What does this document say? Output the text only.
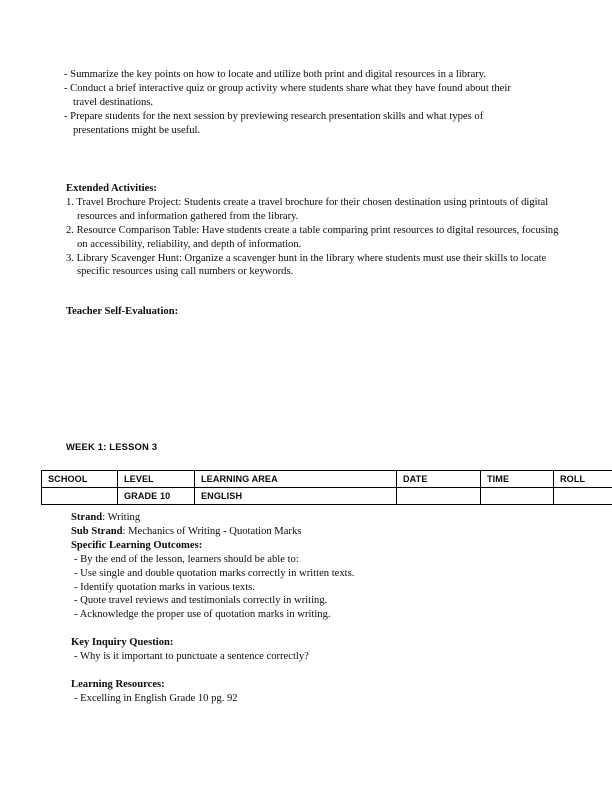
- Summarize the key points on how to locate and utilize both print and digital resources in a library.
- Conduct a brief interactive quiz or group activity where students share what they have found about their travel destinations.
- Prepare students for the next session by previewing research presentation skills and what types of presentations might be useful.
Extended Activities:
1. Travel Brochure Project: Students create a travel brochure for their chosen destination using printouts of digital resources and information gathered from the library.
2. Resource Comparison Table: Have students create a table comparing print resources to digital resources, focusing on accessibility, reliability, and depth of information.
3. Library Scavenger Hunt: Organize a scavenger hunt in the library where students must use their skills to locate specific resources using call numbers or keywords.
Teacher Self-Evaluation:
WEEK 1: LESSON 3
SCHOOL	LEVEL	LEARNING AREA	DATE	TIME	ROLL
	GRADE 10	ENGLISH			
Strand: Writing
Sub Strand: Mechanics of Writing - Quotation Marks
Specific Learning Outcomes:
- By the end of the lesson, learners should be able to:
- Use single and double quotation marks correctly in written texts.
- Identify quotation marks in various texts.
- Quote travel reviews and testimonials correctly in writing.
- Acknowledge the proper use of quotation marks in writing.
Key Inquiry Question:
- Why is it important to punctuate a sentence correctly?
Learning Resources:
- Excelling in English Grade 10 pg. 92
